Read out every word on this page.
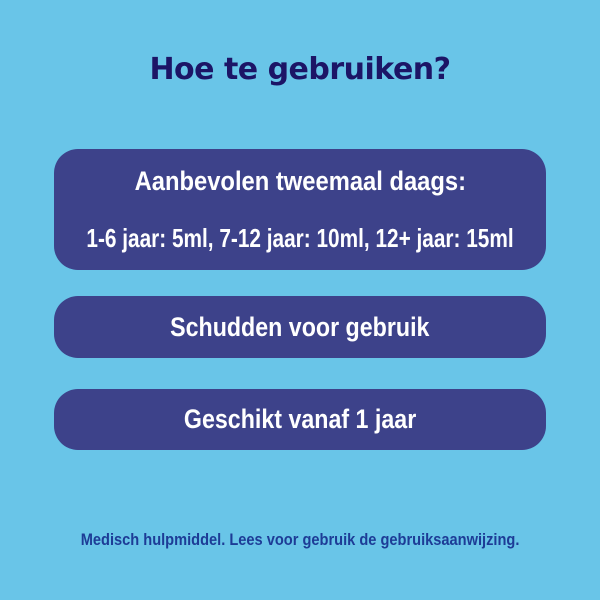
Hoe te gebruiken?
Aanbevolen tweemaal daags:
1-6 jaar: 5ml, 7-12 jaar: 10ml, 12+ jaar: 15ml
Schudden voor gebruik
Geschikt vanaf 1 jaar
Medisch hulpmiddel. Lees voor gebruik de gebruiksaanwijzing.
